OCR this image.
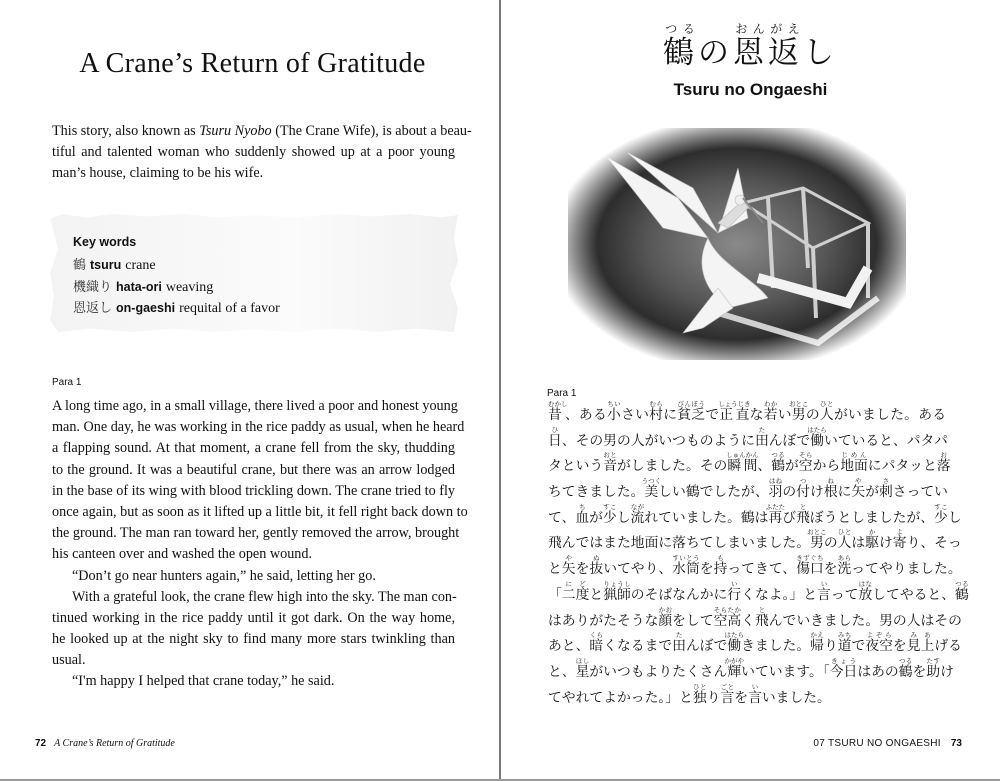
A Crane’s Return of Gratitude
This story, also known as Tsuru Nyobo (The Crane Wife), is about a beau-
tiful and talented woman who suddenly showed up at a poor young
man’s house, claiming to be his wife.
Key words
鶴 tsuru crane
機織り hata-ori weaving
恩返し on-gaeshi requital of a favor
Para 1
A long time ago, in a small village, there lived a poor and honest young
man. One day, he was working in the rice paddy as usual, when he heard
a flapping sound. At that moment, a crane fell from the sky, thudding
to the ground. It was a beautiful crane, but there was an arrow lodged
in the base of its wing with blood trickling down. The crane tried to fly
once again, but as soon as it lifted up a little bit, it fell right back down to
the ground. The man ran toward her, gently removed the arrow, brought
his canteen over and washed the open wound.
“Don’t go near hunters again,” he said, letting her go.
With a grateful look, the crane flew high into the sky. The man con-
tinued working in the rice paddy until it got dark. On the way home,
he looked up at the night sky to find many more stars twinkling than
usual.
“I'm happy I helped that crane today,” he said.
72 A Crane’s Return of Gratitude
鶴つるの恩返おんがえし
Tsuru no Ongaeshi
Para 1
昔むかし、ある小ちいさい村むらに貧乏びんぼうで正直しょうじきな若わかい男おとこの人ひとがいました。ある
日ひ、その男の人がいつものように田たんぼで働はたらいていると、パタパ
タという音おとがしました。その瞬間しゅんかん、鶴つるが空そらから地面じめんにパタッと落お
ちてきました。美うつくしい鶴でしたが、羽はねの付つけ根ねに矢やが刺ささってい
て、血ちが少すこし流ながれていました。鶴は再ふたたび飛とぼうとしましたが、少すこし
飛んではまた地面に落ちてしまいました。男おとこの人ひとは駆かけ寄より、そっ
と矢やを抜ぬいてやり、水筒すいとうを持もってきて、傷口きずぐちを洗あらってやりました。
「二度にどと猟師りょうしのそばなんかに行いくなよ。」と言いって放はなしてやると、鶴つる
はありがたそうな顔かおをして空高そらたかく飛とんでいきました。男の人はその
あと、暗くらくなるまで田たんぼで働はたらきました。帰かえり道みちで夜空よぞらを見上みあげる
と、星ほしがいつもよりたくさん輝かがやいています。「今日きょうはあの鶴つるを助たすけ
てやれてよかった。」と独ひとり言ごとを言いいました。
07 TSURU NO ONGAESHI 73
